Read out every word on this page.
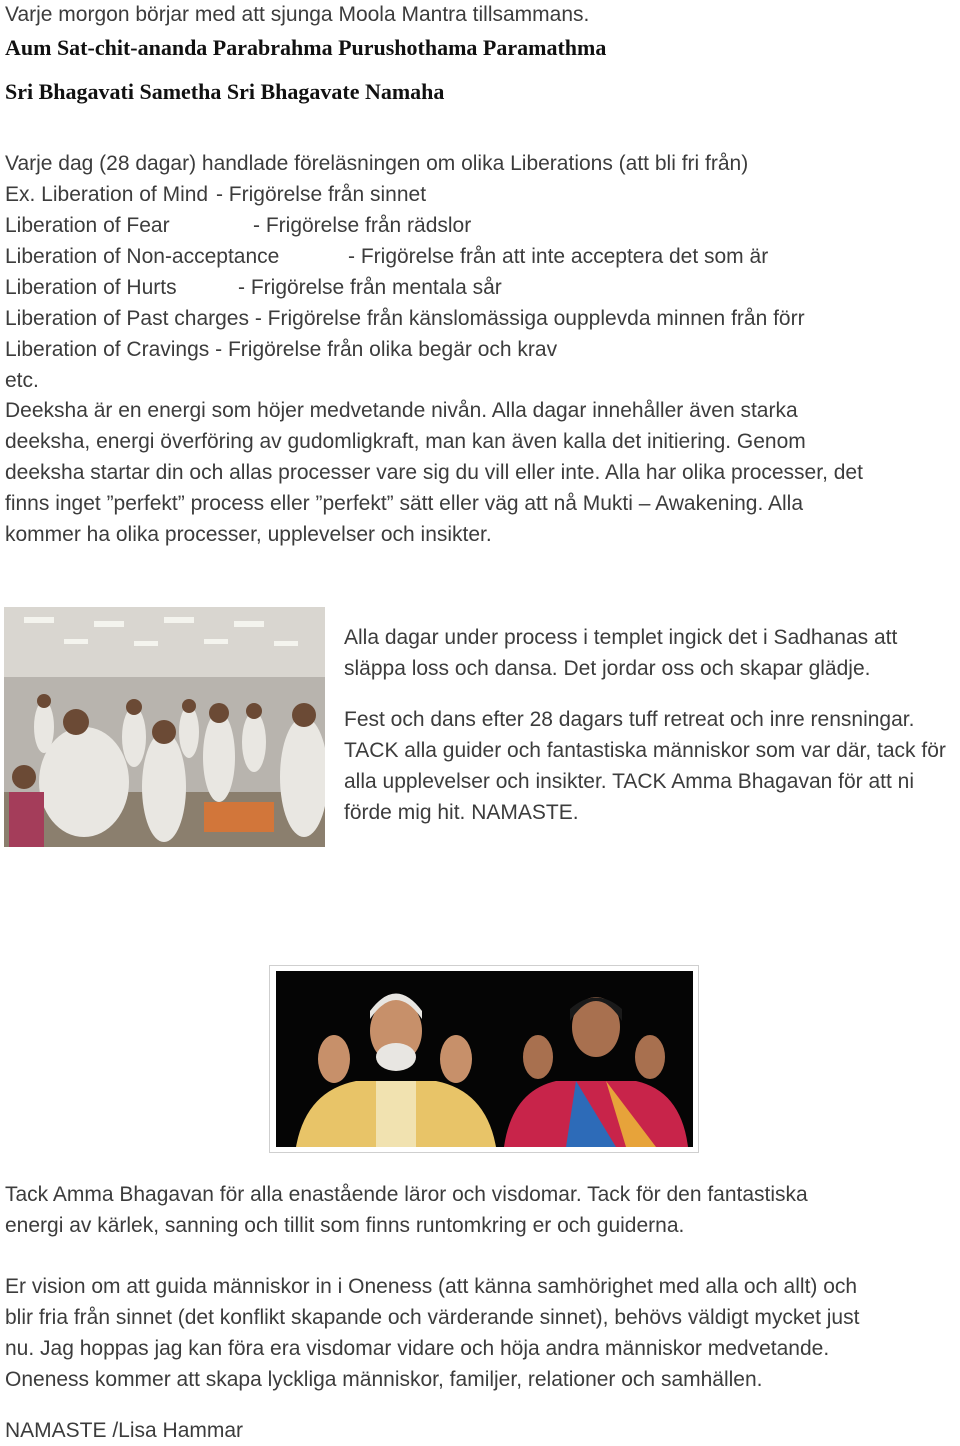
Varje morgon börjar med att sjunga Moola Mantra tillsammans.

Aum Sat-chit-ananda Parabrahma Purushothama Paramathma

Sri Bhagavati Sametha Sri Bhagavate Namaha

Varje dag (28 dagar) handlade föreläsningen om olika Liberations (att bli fri från)

Ex. Liberation of Mind - Frigörelse från sinnet
Liberation of Fear	- Frigörelse från rädslor
Liberation of Non-acceptance	- Frigörelse från att inte acceptera det som är
Liberation of Hurts	- Frigörelse från mentala sår
Liberation of Past charges - Frigörelse från känslomässiga oupplevda minnen från förr
Liberation of Cravings - Frigörelse från olika begär och krav

etc.

Deeksha är en energi som höjer medvetande nivån. Alla dagar innehåller även starka

deeksha, energi överföring av gudomligkraft, man kan även kalla det initiering. Genom

deeksha startar din och allas processer vare sig du vill eller inte. Alla har olika processer, det

finns inget ”perfekt” process eller ”perfekt” sätt eller väg att nå Mukti – Awakening. Alla

kommer ha olika processer, upplevelser och insikter.

Alla dagar under process i templet ingick det i Sadhanas att släppa loss och dansa. Det jordar oss och skapar glädje.

Fest och dans efter 28 dagars tuff retreat och inre rensningar. TACK alla guider och fantastiska människor som var där, tack för alla upplevelser och insikter. TACK Amma Bhagavan för att ni förde mig hit. NAMASTE.

Tack Amma Bhagavan för alla enastående läror och visdomar. Tack för den fantastiska

energi av kärlek, sanning och tillit som finns runtomkring er och guiderna.

Er vision om att guida människor in i Oneness (att känna samhörighet med alla och allt) och

blir fria från sinnet (det konflikt skapande och värderande sinnet), behövs väldigt mycket just

nu. Jag hoppas jag kan föra era visdomar vidare och höja andra människor medvetande.

Oneness kommer att skapa lyckliga människor, familjer, relationer och samhällen.

NAMASTE /Lisa Hammar
